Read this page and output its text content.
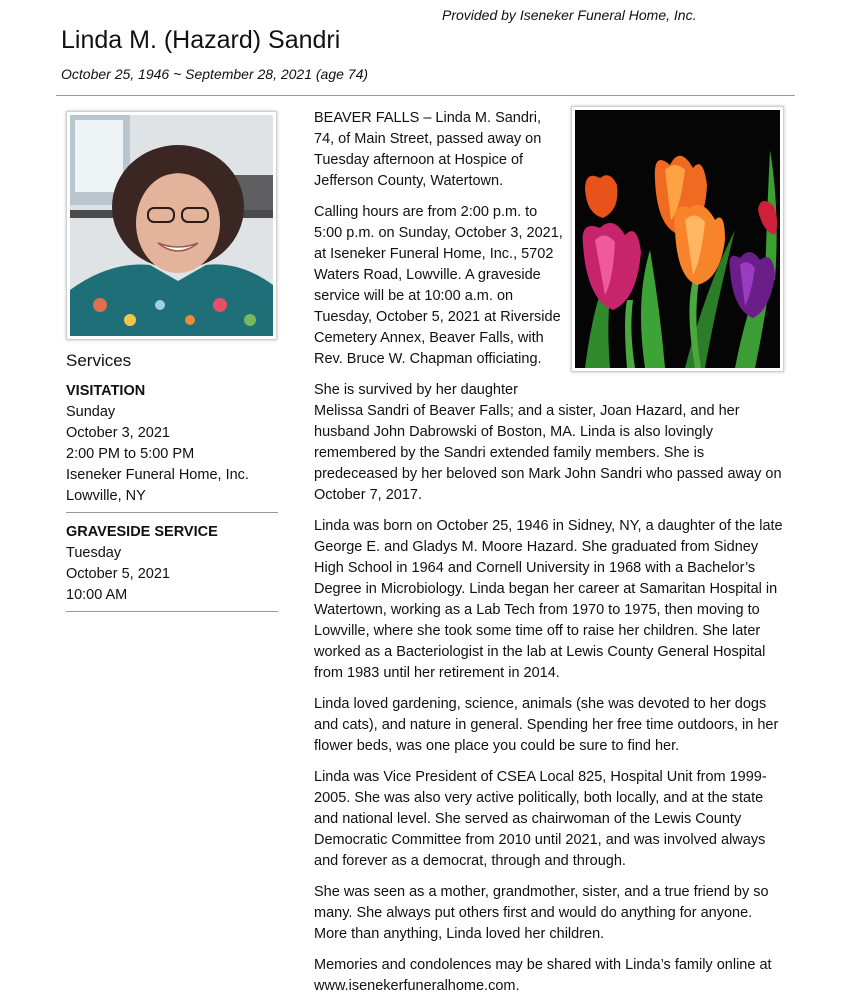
Provided by Iseneker Funeral Home, Inc.
Linda M. (Hazard) Sandri
October 25, 1946 ~ September 28, 2021 (age 74)
Services
VISITATION
Sunday
October 3, 2021
2:00 PM to 5:00 PM
Iseneker Funeral Home, Inc.
Lowville, NY
GRAVESIDE SERVICE
Tuesday
October 5, 2021
10:00 AM

BEAVER FALLS – Linda M. Sandri, 74, of Main Street, passed away on Tuesday afternoon at Hospice of Jefferson County, Watertown.

Calling hours are from 2:00 p.m. to 5:00 p.m. on Sunday, October 3, 2021, at Iseneker Funeral Home, Inc., 5702 Waters Road, Lowville. A graveside service will be at 10:00 a.m. on Tuesday, October 5, 2021 at Riverside Cemetery Annex, Beaver Falls, with Rev. Bruce W. Chapman officiating.

She is survived by her daughter
Melissa Sandri of Beaver Falls; and a sister, Joan Hazard, and her husband John Dabrowski of Boston, MA. Linda is also lovingly remembered by the Sandri extended family members. She is predeceased by her beloved son Mark John Sandri who passed away on October 7, 2017.

Linda was born on October 25, 1946 in Sidney, NY, a daughter of the late George E. and Gladys M. Moore Hazard. She graduated from Sidney High School in 1964 and Cornell University in 1968 with a Bachelor’s Degree in Microbiology. Linda began her career at Samaritan Hospital in Watertown, working as a Lab Tech from 1970 to 1975, then moving to Lowville, where she took some time off to raise her children. She later worked as a Bacteriologist in the lab at Lewis County General Hospital from 1983 until her retirement in 2014.

Linda loved gardening, science, animals (she was devoted to her dogs and cats), and nature in general. Spending her free time outdoors, in her flower beds, was one place you could be sure to find her.

Linda was Vice President of CSEA Local 825, Hospital Unit from 1999-2005. She was also very active politically, both locally, and at the state and national level. She served as chairwoman of the Lewis County Democratic Committee from 2010 until 2021, and was involved always and forever as a democrat, through and through.

She was seen as a mother, grandmother, sister, and a true friend by so many. She always put others first and would do anything for anyone. More than anything, Linda loved her children.

Memories and condolences may be shared with Linda’s family online at www.isenekerfuneralhome.com.
